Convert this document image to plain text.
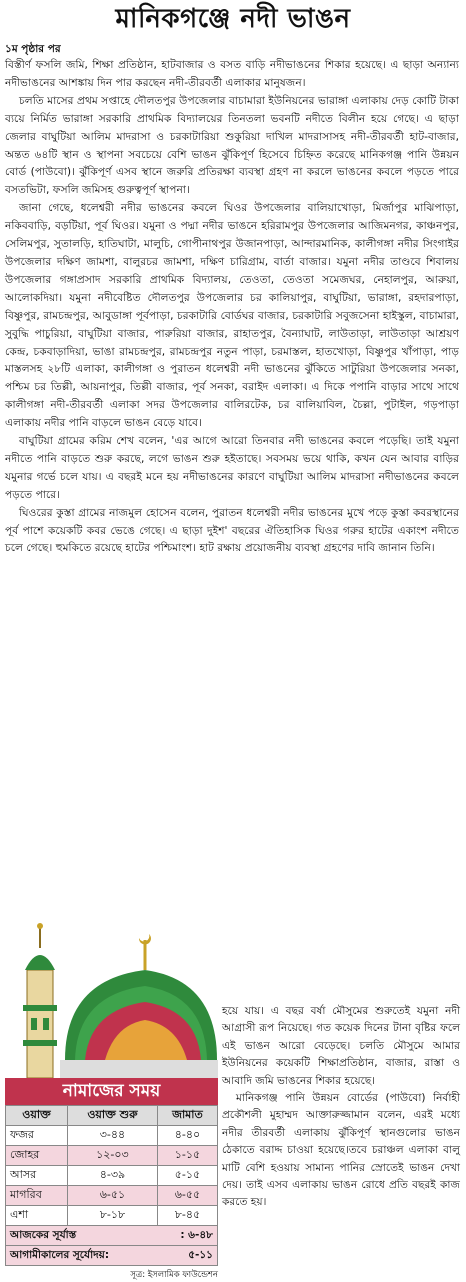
মানিকগঞ্জে নদী ভাঙন
১ম পৃষ্ঠার পর

বিস্তীর্ণ ফসলি জমি, শিক্ষা প্রতিষ্ঠান, হাটবাজার ও বসত বাড়ি নদীভাঙনের শিকার হয়েছে। এ ছাড়া অন্যান্য নদীভাঙনের আশঙ্কায় দিন পার করছেন নদী-তীরবর্তী এলাকার মানুষজন।

চলতি মাসের প্রথম সপ্তাহে দৌলতপুর উপজেলার বাচামারা ইউনিয়নের ভারাঙ্গা এলাকায় দেড় কোটি টাকা ব্যয়ে নির্মিত ভারাঙ্গা সরকারি প্রাথমিক বিদ্যালয়ের তিনতলা ভবনটি নদীতে বিলীন হয়ে গেছে। এ ছাড়া জেলার বাঘুটিয়া আলিম মাদরাসা ও চরকাটারিয়া শুকুরিয়া দাখিল মাদরাসাসহ নদী-তীরবর্তী হাট-বাজার, অন্তত ৬৪টি স্থান ও স্থাপনা সবচেয়ে বেশি ভাঙন ঝুঁকিপূর্ণ হিসেবে চিহ্নিত করেছে মানিকগঞ্জ পানি উন্নয়ন বোর্ড (পাউবো)। ঝুঁকিপূর্ণ এসব স্থানে জরুরি প্রতিরক্ষা ব্যবস্থা গ্রহণ না করলে ভাঙনের কবলে পড়তে পারে বসতভিটা, ফসলি জমিসহ গুরুত্বপূর্ণ স্থাপনা।

জানা গেছে, ধলেশ্বরী নদীর ভাঙনের কবলে ঘিওর উপজেলার বালিয়াখোড়া, মির্জাপুর মাঝিপাড়া, নকিববাড়ি, বড়টিয়া, পূর্ব ঘিওর। যমুনা ও পদ্মা নদীর ভাঙনে হরিরামপুর উপজেলার আজিমনগর, কাঞ্চনপুর, সেলিমপুর, সুতালড়ি, হাতিঘাটা, মালুচি, গোপীনাথপুর উজানপাড়া, আন্দারমানিক, কালীগঙ্গা নদীর সিংগাইর উপজেলার দক্ষিণ জামশা, বালুরচর জামশা, দক্ষিণ চারিগ্রাম, বার্তা বাজার। যমুনা নদীর তাণ্ডবে শিবালয় উপজেলার গঙ্গাপ্রসাদ সরকারি প্রাথমিক বিদ্যালয়, তেওতা, তেওতা সমেজঘর, নেহালপুর, আরুয়া, আলোকদিয়া। যমুনা নদীবেষ্টিত দৌলতপুর উপজেলার চর কালিয়াপুর, বাঘুটিয়া, ভারাঙ্গা, রহদারপাড়া, বিষ্ণুপুর, রামচন্দ্রপুর, আবুডাঙ্গা পূর্বপাড়া, চরকাটারি বোর্ডঘর বাজার, চরকাটারি সবুজসেনা হাইস্কুল, বাচামারা, সুবুদ্ধি পাচুরিয়া, বাঘুটিয়া বাজার, পারুরিয়া বাজার, রাহাতপুর, বৈন্যাঘাট, লাউতাড়া, লাউতাড়া আশ্রয়ণ কেন্দ্র, চকবাড়াদিয়া, ভাঙা রামচন্দ্রপুর, রামচন্দ্রপুর নতুন পাড়া, চরমাস্তল, হাতখোড়া, বিষ্ণুপুর খাঁপাড়া, পাড় মাস্তলসহ ২৮টি এলাকা, কালীগঙ্গা ও পুরাতন ধলেশ্বরী নদী ভাঙনের ঝুঁকিতে সাটুরিয়া উপজেলার সনকা, পশ্চিম চর তিল্লী, আয়নাপুর, তিল্লী বাজার, পূর্ব সনকা, বরাইদ এলাকা। এ দিকে পপানি বাড়ার সাথে সাথে কালীগঙ্গা নদী-তীরবর্তী এলাকা সদর উপজেলার বালিরটেক, চর বালিয়াবিল, চৈল্লা, পুটাইল, গড়পাড়া এলাকায় নদীর পানি বাড়লে ভাঙন বেড়ে যাবে।

বাঘুটিয়া গ্রামের করিম শেখ বলেন, 'এর আগে আরো তিনবার নদী ভাঙনের কবলে পড়েছি। তাই যমুনা নদীতে পানি বাড়তে শুরু করছে, লগে ভাঙন শুরু হইতাছে। সবসময় ভয়ে থাকি, কখন যেন আবার বাড়ির যমুনার গর্ভে চলে যায়। এ বছরই মনে হয় নদীভাঙনের কারণে বাঘুটিয়া আলিম মাদরাসা নদীভাঙনের কবলে পড়তে পারে।

ঘিওরের কুস্তা গ্রামের নাজমুল হোসেন বলেন, পুরাতন ধলেশ্বরী নদীর ভাঙনের মুখে পড়ে কুস্তা কবরস্থানের পূর্ব পাশে কয়েকটি কবর ভেঙে গেছে। এ ছাড়া দুইশ' বছরের ঐতিহাসিক ঘিওর গরুর হাটের একাংশ নদীতে চলে গেছে। হুমকিতে রয়েছে হাটের পশ্চিমাংশ। হাট রক্ষায় প্রয়োজনীয় ব্যবস্থা গ্রহণের দাবি জানান তিনি।

নামাজের সময়
ওয়াক্ত	ওয়াক্ত শুরু	জামাত
ফজর	৩-৪৪	৪-৪০
জোহর	১২-০৩	১-১৫
আসর	৪-৩৯	৫-১৫
মাগরিব	৬-৫১	৬-৫৫
এশা	৮-১৮	৮-৪৫
আজকের সূর্যাস্ত	: ৬-৪৮
আগামীকালের সূর্যোদয়:	৫-১১
সূত্র: ইসলামিক ফাউন্ডেশন

হয়ে যায়। এ বছর বর্ষা মৌসুমের শুরুতেই যমুনা নদী আগ্রাসী রূপ নিয়েছে। গত কয়েক দিনের টানা বৃষ্টির ফলে এই ভাঙন আরো বেড়েছে। চলতি মৌসুমে আমার ইউনিয়নের কয়েকটি শিক্ষাপ্রতিষ্ঠান, বাজার, রাস্তা ও আবাদি জমি ভাঙনের শিকার হয়েছে।

মানিকগঞ্জ পানি উন্নয়ন বোর্ডের (পাউবো) নির্বাহী প্রকৌশলী মুহাম্মদ আক্তারুজ্জামান বলেন, এরই মধ্যে নদীর তীরবর্তী এলাকায় ঝুঁকিপূর্ণ স্থানগুলোর ভাঙন ঠেকাতে বরাদ্দ চাওয়া হয়েছে।তবে চরাঞ্চল এলাকা বালু মাটি বেশি হওয়ায় সামান্য পানির স্রোতেই ভাঙন দেখা দেয়। তাই এসব এলাকায় ভাঙন রোধে প্রতি বছরই কাজ করতে হয়।
